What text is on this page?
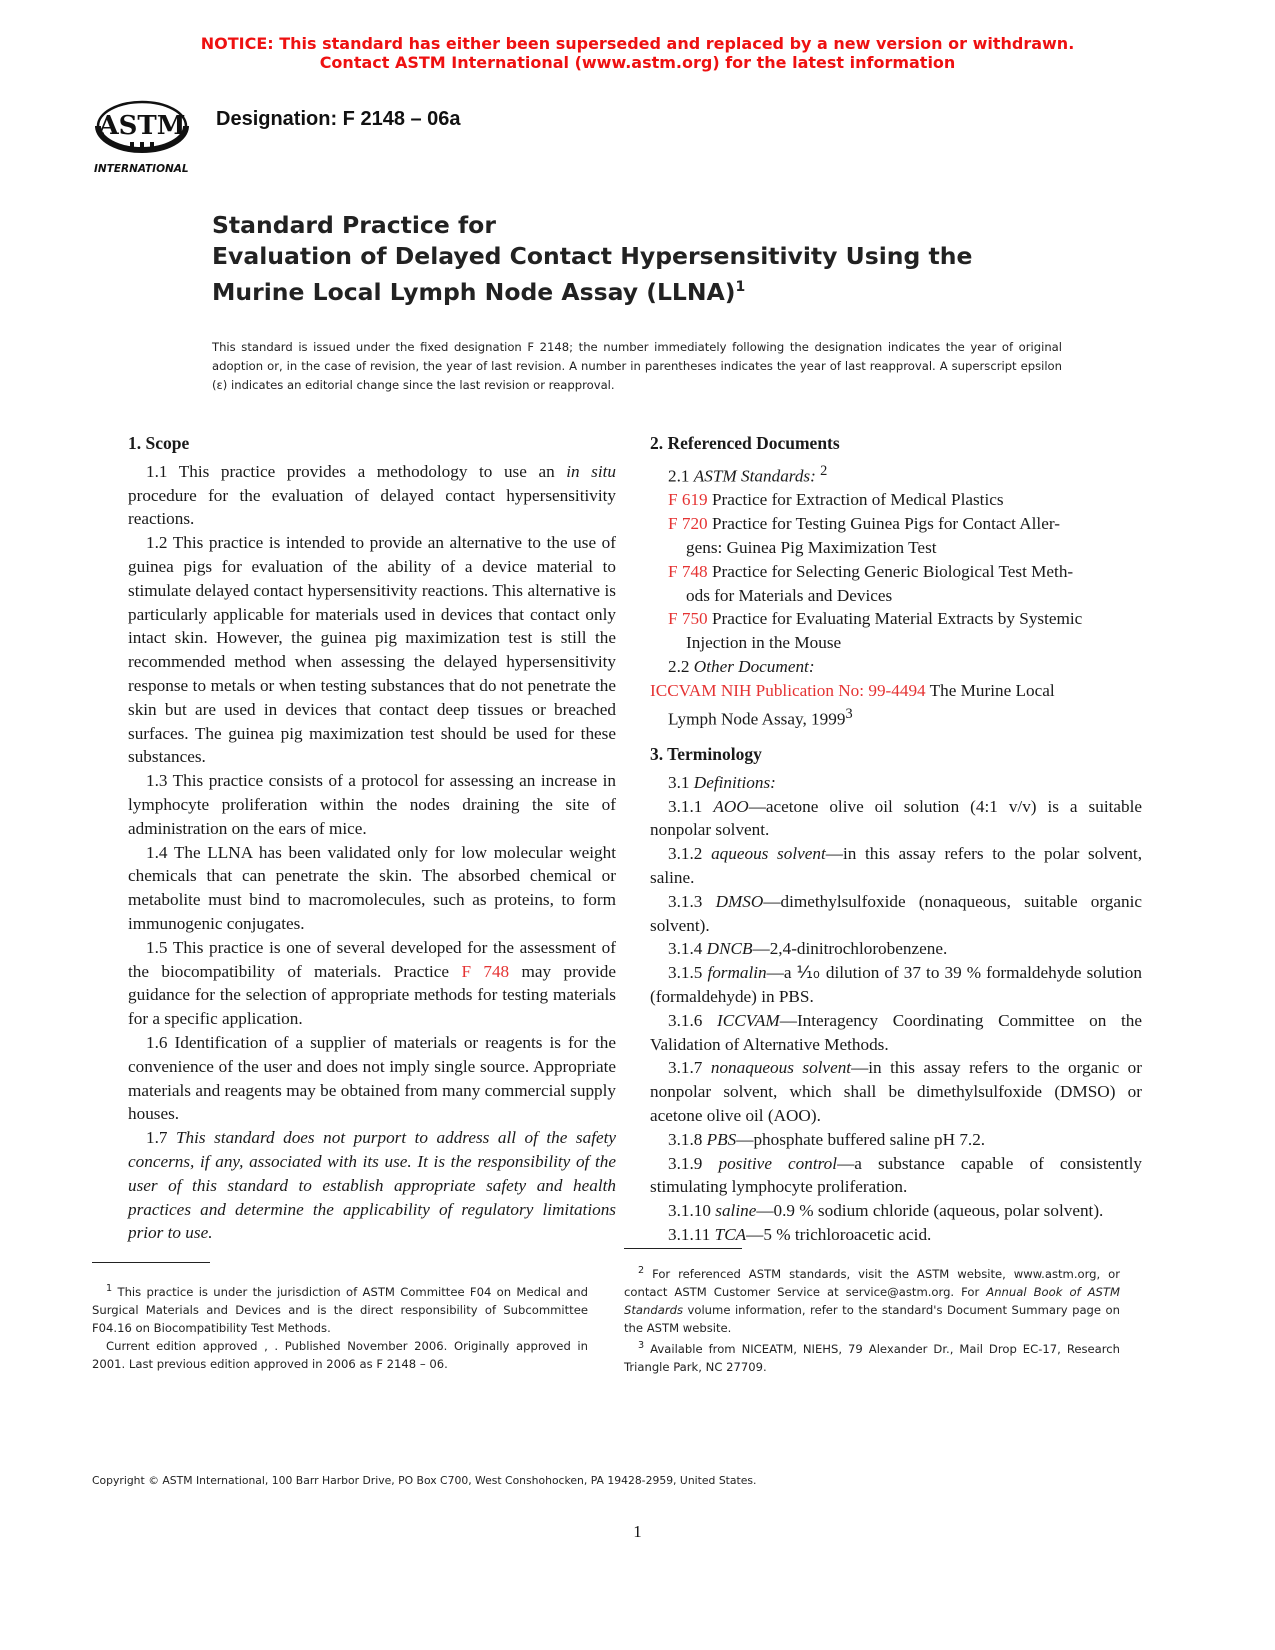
NOTICE: This standard has either been superseded and replaced by a new version or withdrawn.
Contact ASTM International (www.astm.org) for the latest information
ASTM
INTERNATIONAL
Designation: F 2148 – 06a
Standard Practice for
Evaluation of Delayed Contact Hypersensitivity Using the
Murine Local Lymph Node Assay (LLNA)$^1$
This standard is issued under the fixed designation F 2148; the number immediately following the designation indicates the year of original adoption or, in the case of revision, the year of last revision. A number in parentheses indicates the year of last reapproval. A superscript epsilon (ε) indicates an editorial change since the last revision or reapproval.

1. Scope

1.1 This practice provides a methodology to use an in situ procedure for the evaluation of delayed contact hypersensitivity reactions.

1.2 This practice is intended to provide an alternative to the use of guinea pigs for evaluation of the ability of a device material to stimulate delayed contact hypersensitivity reactions. This alternative is particularly applicable for materials used in devices that contact only intact skin. However, the guinea pig maximization test is still the recommended method when assessing the delayed hypersensitivity response to metals or when testing substances that do not penetrate the skin but are used in devices that contact deep tissues or breached surfaces. The guinea pig maximization test should be used for these substances.

1.3 This practice consists of a protocol for assessing an increase in lymphocyte proliferation within the nodes draining the site of administration on the ears of mice.

1.4 The LLNA has been validated only for low molecular weight chemicals that can penetrate the skin. The absorbed chemical or metabolite must bind to macromolecules, such as proteins, to form immunogenic conjugates.

1.5 This practice is one of several developed for the assessment of the biocompatibility of materials. Practice F 748 may provide guidance for the selection of appropriate methods for testing materials for a specific application.

1.6 Identification of a supplier of materials or reagents is for the convenience of the user and does not imply single source. Appropriate materials and reagents may be obtained from many commercial supply houses.

1.7 This standard does not purport to address all of the safety concerns, if any, associated with its use. It is the responsibility of the user of this standard to establish appropriate safety and health practices and determine the applicability of regulatory limitations prior to use.

2. Referenced Documents

2.1 ASTM Standards: $^2$

F 619 Practice for Extraction of Medical Plastics
F 720 Practice for Testing Guinea Pigs for Contact Aller-
gens: Guinea Pig Maximization Test
F 748 Practice for Selecting Generic Biological Test Meth-
ods for Materials and Devices
F 750 Practice for Evaluating Material Extracts by Systemic
Injection in the Mouse

2.2 Other Document:

ICCVAM NIH Publication No: 99-4494 The Murine Local
Lymph Node Assay, 1999$^3$

3. Terminology

3.1 Definitions:

3.1.1 AOO—acetone olive oil solution (4:1 v/v) is a suitable nonpolar solvent.

3.1.2 aqueous solvent—in this assay refers to the polar solvent, saline.

3.1.3 DMSO—dimethylsulfoxide (nonaqueous, suitable organic solvent).

3.1.4 DNCB—2,4-dinitrochlorobenzene.

3.1.5 formalin—a ⅒ dilution of 37 to 39 % formaldehyde solution (formaldehyde) in PBS.

3.1.6 ICCVAM—Interagency Coordinating Committee on the Validation of Alternative Methods.

3.1.7 nonaqueous solvent—in this assay refers to the organic or nonpolar solvent, which shall be dimethylsulfoxide (DMSO) or acetone olive oil (AOO).

3.1.8 PBS—phosphate buffered saline pH 7.2.

3.1.9 positive control—a substance capable of consistently stimulating lymphocyte proliferation.

3.1.10 saline—0.9 % sodium chloride (aqueous, polar solvent).

3.1.11 TCA—5 % trichloroacetic acid.

$^1$ This practice is under the jurisdiction of ASTM Committee F04 on Medical and Surgical Materials and Devices and is the direct responsibility of Subcommittee F04.16 on Biocompatibility Test Methods.

Current edition approved , . Published November 2006. Originally approved in 2001. Last previous edition approved in 2006 as F 2148 – 06.

$^2$ For referenced ASTM standards, visit the ASTM website, www.astm.org, or contact ASTM Customer Service at service@astm.org. For Annual Book of ASTM Standards volume information, refer to the standard's Document Summary page on the ASTM website.

$^3$ Available from NICEATM, NIEHS, 79 Alexander Dr., Mail Drop EC-17, Research Triangle Park, NC 27709.

Copyright © ASTM International, 100 Barr Harbor Drive, PO Box C700, West Conshohocken, PA 19428-2959, United States.
1
